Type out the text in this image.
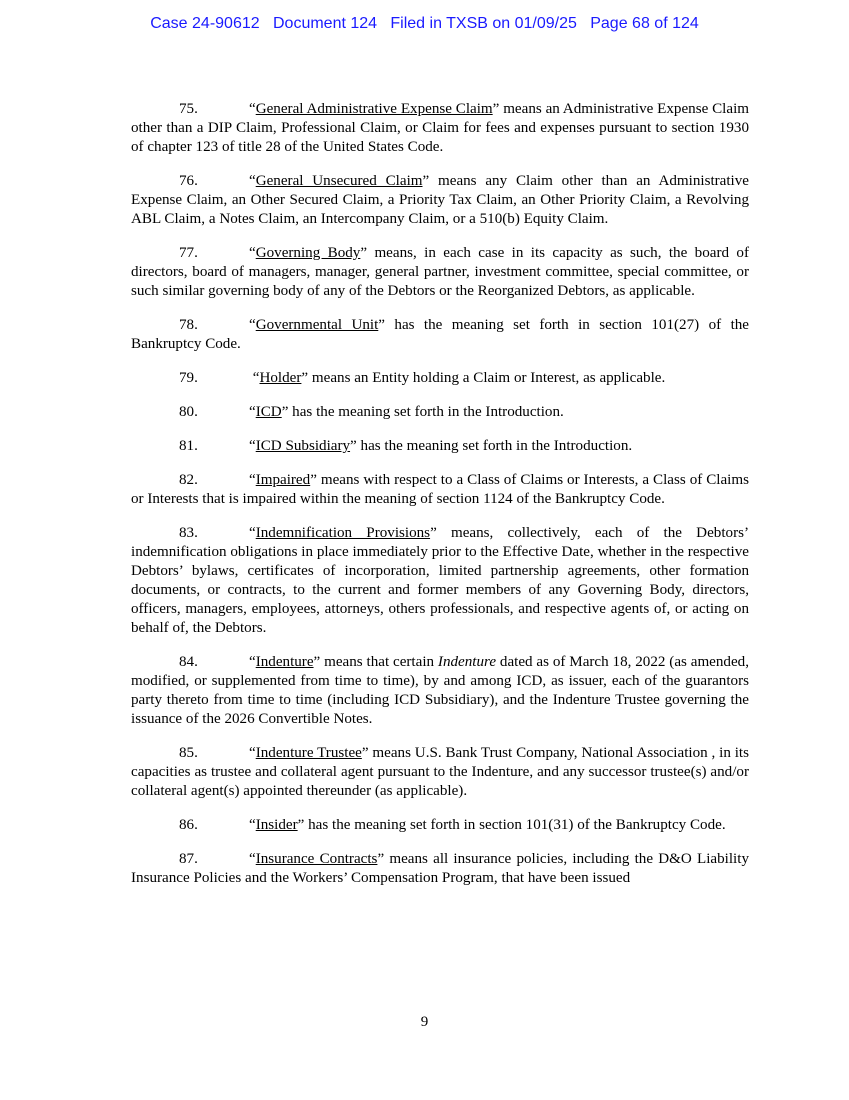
Case 24-90612 Document 124 Filed in TXSB on 01/09/25 Page 68 of 124

75.	“General Administrative Expense Claim” means an Administrative Expense Claim other than a DIP Claim, Professional Claim, or Claim for fees and expenses pursuant to section 1930 of chapter 123 of title 28 of the United States Code.

76.	“General Unsecured Claim” means any Claim other than an Administrative Expense Claim, an Other Secured Claim, a Priority Tax Claim, an Other Priority Claim, a Revolving ABL Claim, a Notes Claim, an Intercompany Claim, or a 510(b) Equity Claim.

77.	“Governing Body” means, in each case in its capacity as such, the board of directors, board of managers, manager, general partner, investment committee, special committee, or such similar governing body of any of the Debtors or the Reorganized Debtors, as applicable.

78.	“Governmental Unit” has the meaning set forth in section 101(27) of the Bankruptcy Code.

79.	“Holder” means an Entity holding a Claim or Interest, as applicable.

80.	“ICD” has the meaning set forth in the Introduction.

81.	“ICD Subsidiary” has the meaning set forth in the Introduction.

82.	“Impaired” means with respect to a Class of Claims or Interests, a Class of Claims or Interests that is impaired within the meaning of section 1124 of the Bankruptcy Code.

83.	“Indemnification Provisions” means, collectively, each of the Debtors’ indemnification obligations in place immediately prior to the Effective Date, whether in the respective Debtors’ bylaws, certificates of incorporation, limited partnership agreements, other formation documents, or contracts, to the current and former members of any Governing Body, directors, officers, managers, employees, attorneys, others professionals, and respective agents of, or acting on behalf of, the Debtors.

84.	“Indenture” means that certain Indenture dated as of March 18, 2022 (as amended, modified, or supplemented from time to time), by and among ICD, as issuer, each of the guarantors party thereto from time to time (including ICD Subsidiary), and the Indenture Trustee governing the issuance of the 2026 Convertible Notes.

85.	“Indenture Trustee” means U.S. Bank Trust Company, National Association , in its capacities as trustee and collateral agent pursuant to the Indenture, and any successor trustee(s) and/or collateral agent(s) appointed thereunder (as applicable).

86.	“Insider” has the meaning set forth in section 101(31) of the Bankruptcy Code.

87.	“Insurance Contracts” means all insurance policies, including the D&O Liability Insurance Policies and the Workers’ Compensation Program, that have been issued

9
